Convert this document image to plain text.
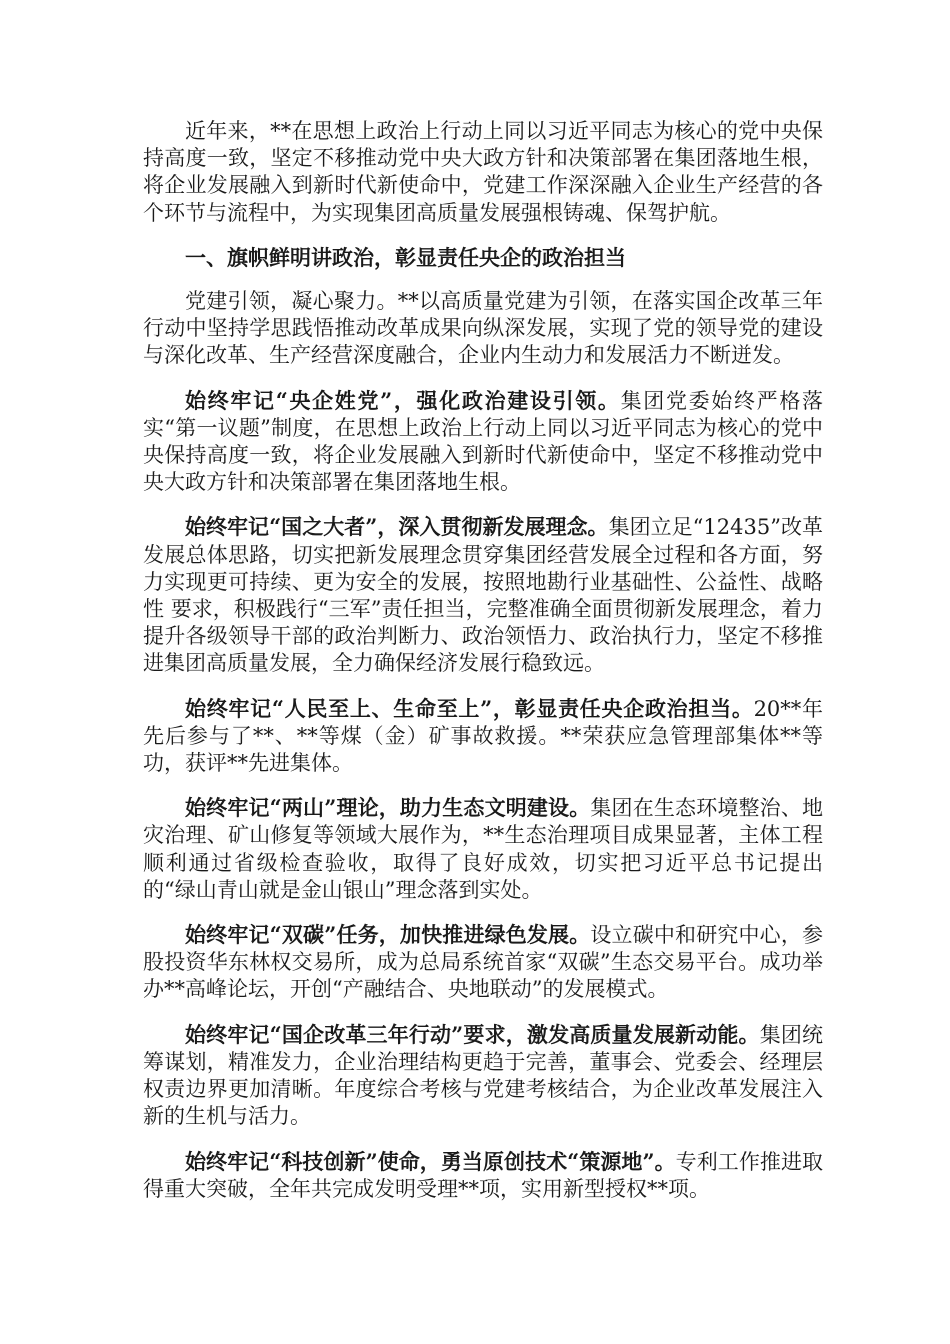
近年来，**在思想上政治上行动上同以习近平同志为核心的党中央保持高度一致，坚定不移推动党中央大政方针和决策部署在集团落地生根，将企业发展融入到新时代新使命中，党建工作深深融入企业生产经营的各个环节与流程中，为实现集团高质量发展强根铸魂、保驾护航。

一、旗帜鲜明讲政治，彰显责任央企的政治担当

党建引领，凝心聚力。**以高质量党建为引领，在落实国企改革三年行动中坚持学思践悟推动改革成果向纵深发展，实现了党的领导党的建设与深化改革、生产经营深度融合，企业内生动力和发展活力不断迸发。

始终牢记“央企姓党”，强化政治建设引领。集团党委始终严格落实“第一议题”制度，在思想上政治上行动上同以习近平同志为核心的党中央保持高度一致，将企业发展融入到新时代新使命中，坚定不移推动党中央大政方针和决策部署在集团落地生根。

始终牢记“国之大者”，深入贯彻新发展理念。集团立足“12435”改革发展总体思路，切实把新发展理念贯穿集团经营发展全过程和各方面，努力实现更可持续、更为安全的发展，按照地勘行业基础性、公益性、战略性 要求，积极践行“三军”责任担当，完整准确全面贯彻新发展理念，着力提升各级领导干部的政治判断力、政治领悟力、政治执行力，坚定不移推进集团高质量发展，全力确保经济发展行稳致远。

始终牢记“人民至上、生命至上”，彰显责任央企政治担当。20**年先后参与了**、**等煤（金）矿事故救援。**荣获应急管理部集体**等功，获评**先进集体。

始终牢记“两山”理论，助力生态文明建设。集团在生态环境整治、地灾治理、矿山修复等领域大展作为，**生态治理项目成果显著，主体工程顺利通过省级检查验收，取得了良好成效，切实把习近平总书记提出的“绿山青山就是金山银山”理念落到实处。

始终牢记“双碳”任务，加快推进绿色发展。设立碳中和研究中心，参股投资华东林权交易所，成为总局系统首家“双碳”生态交易平台。成功举办**高峰论坛，开创“产融结合、央地联动”的发展模式。

始终牢记“国企改革三年行动”要求，激发高质量发展新动能。集团统筹谋划，精准发力，企业治理结构更趋于完善，董事会、党委会、经理层权责边界更加清晰。年度综合考核与党建考核结合，为企业改革发展注入新的生机与活力。

始终牢记“科技创新”使命，勇当原创技术“策源地”。专利工作推进取得重大突破，全年共完成发明受理**项，实用新型授权**项。
